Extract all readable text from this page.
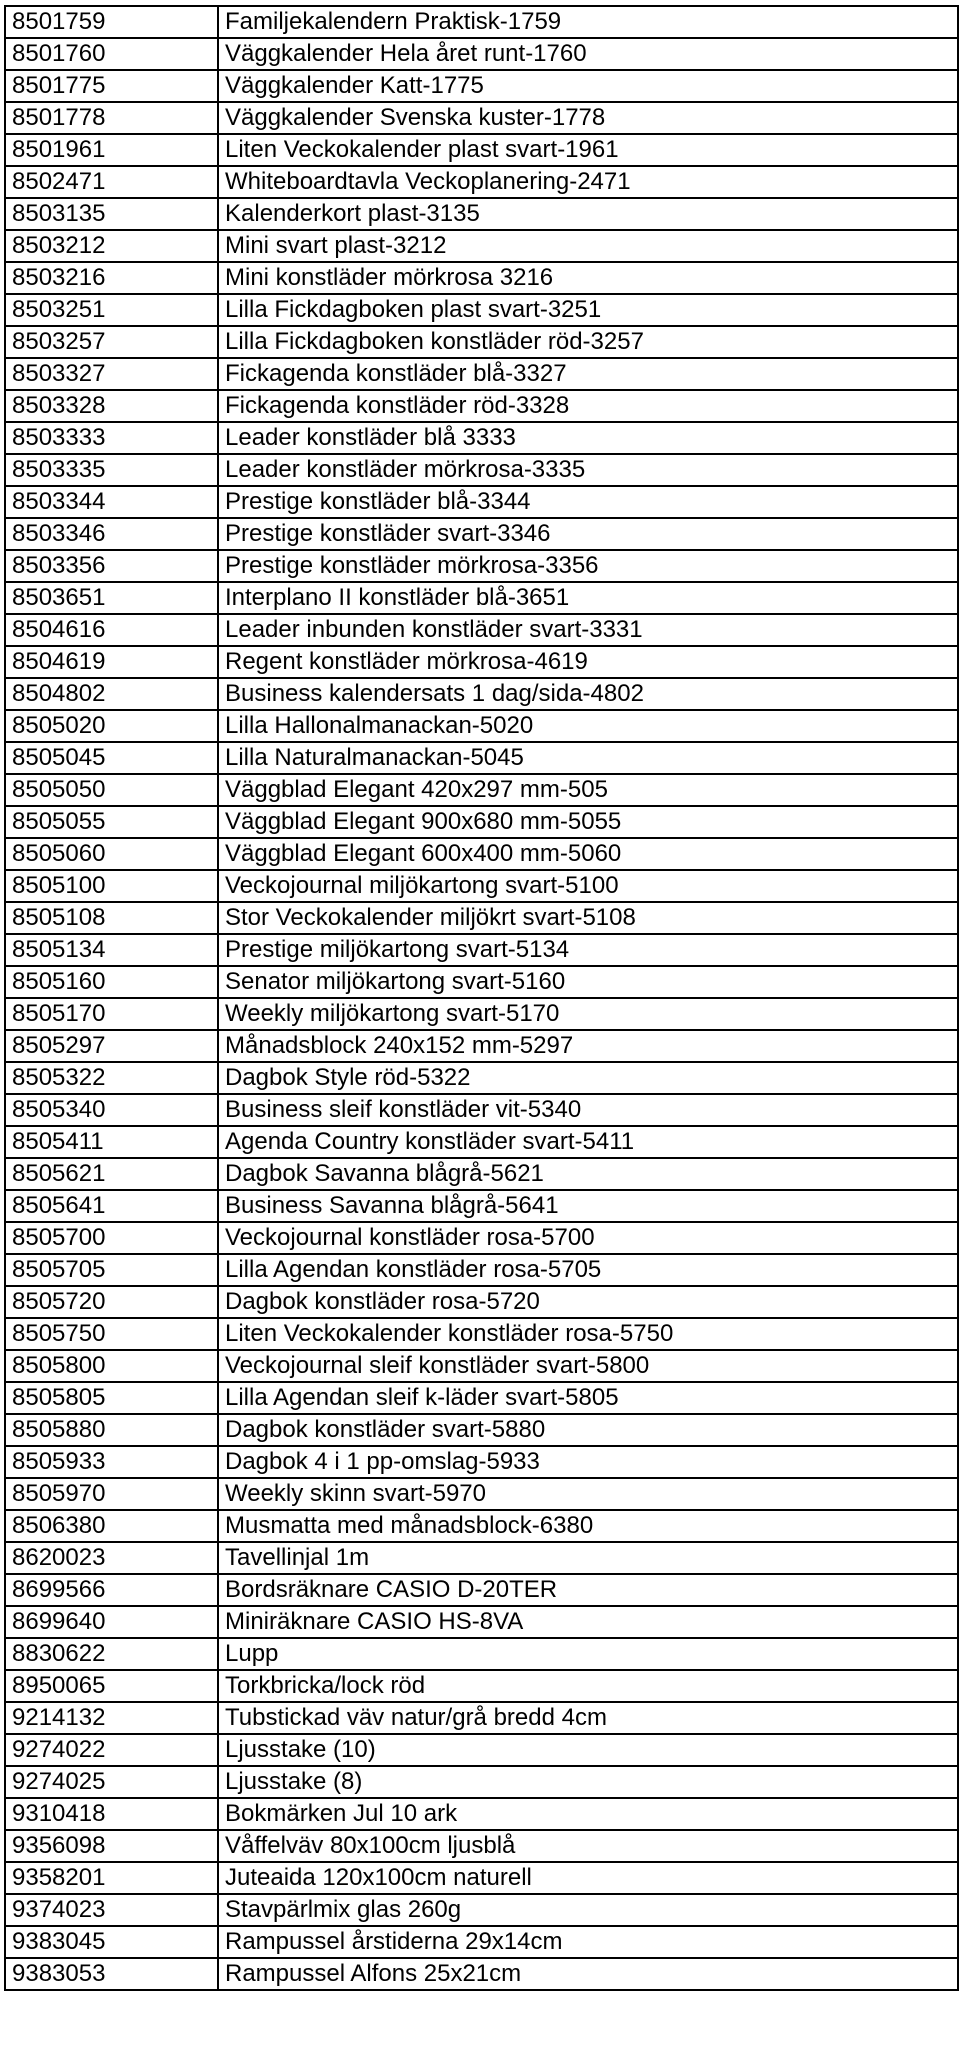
8501759	Familjekalendern Praktisk-1759
8501760	Väggkalender Hela året runt-1760
8501775	Väggkalender Katt-1775
8501778	Väggkalender Svenska kuster-1778
8501961	Liten Veckokalender plast svart-1961
8502471	Whiteboardtavla Veckoplanering-2471
8503135	Kalenderkort plast-3135
8503212	Mini svart plast-3212
8503216	Mini konstläder mörkrosa 3216
8503251	Lilla Fickdagboken plast svart-3251
8503257	Lilla Fickdagboken konstläder röd-3257
8503327	Fickagenda konstläder blå-3327
8503328	Fickagenda konstläder röd-3328
8503333	Leader konstläder blå 3333
8503335	Leader konstläder mörkrosa-3335
8503344	Prestige konstläder blå-3344
8503346	Prestige konstläder svart-3346
8503356	Prestige konstläder mörkrosa-3356
8503651	Interplano II konstläder blå-3651
8504616	Leader inbunden konstläder svart-3331
8504619	Regent konstläder mörkrosa-4619
8504802	Business kalendersats 1 dag/sida-4802
8505020	Lilla Hallonalmanackan-5020
8505045	Lilla Naturalmanackan-5045
8505050	Väggblad Elegant 420x297 mm-505
8505055	Väggblad Elegant 900x680 mm-5055
8505060	Väggblad Elegant 600x400 mm-5060
8505100	Veckojournal miljökartong svart-5100
8505108	Stor Veckokalender miljökrt svart-5108
8505134	Prestige miljökartong svart-5134
8505160	Senator miljökartong svart-5160
8505170	Weekly miljökartong svart-5170
8505297	Månadsblock 240x152 mm-5297
8505322	Dagbok Style röd-5322
8505340	Business sleif konstläder vit-5340
8505411	Agenda Country konstläder svart-5411
8505621	Dagbok Savanna blågrå-5621
8505641	Business Savanna blågrå-5641
8505700	Veckojournal konstläder rosa-5700
8505705	Lilla Agendan konstläder rosa-5705
8505720	Dagbok konstläder rosa-5720
8505750	Liten Veckokalender konstläder rosa-5750
8505800	Veckojournal sleif konstläder svart-5800
8505805	Lilla Agendan sleif k-läder svart-5805
8505880	Dagbok konstläder svart-5880
8505933	Dagbok 4 i 1 pp-omslag-5933
8505970	Weekly skinn svart-5970
8506380	Musmatta med månadsblock-6380
8620023	Tavellinjal 1m
8699566	Bordsräknare CASIO D-20TER
8699640	Miniräknare CASIO HS-8VA
8830622	Lupp
8950065	Torkbricka/lock röd
9214132	Tubstickad väv natur/grå bredd 4cm
9274022	Ljusstake (10)
9274025	Ljusstake (8)
9310418	Bokmärken Jul 10 ark
9356098	Våffelväv 80x100cm ljusblå
9358201	Juteaida 120x100cm naturell
9374023	Stavpärlmix glas 260g
9383045	Rampussel årstiderna 29x14cm
9383053	Rampussel Alfons 25x21cm
